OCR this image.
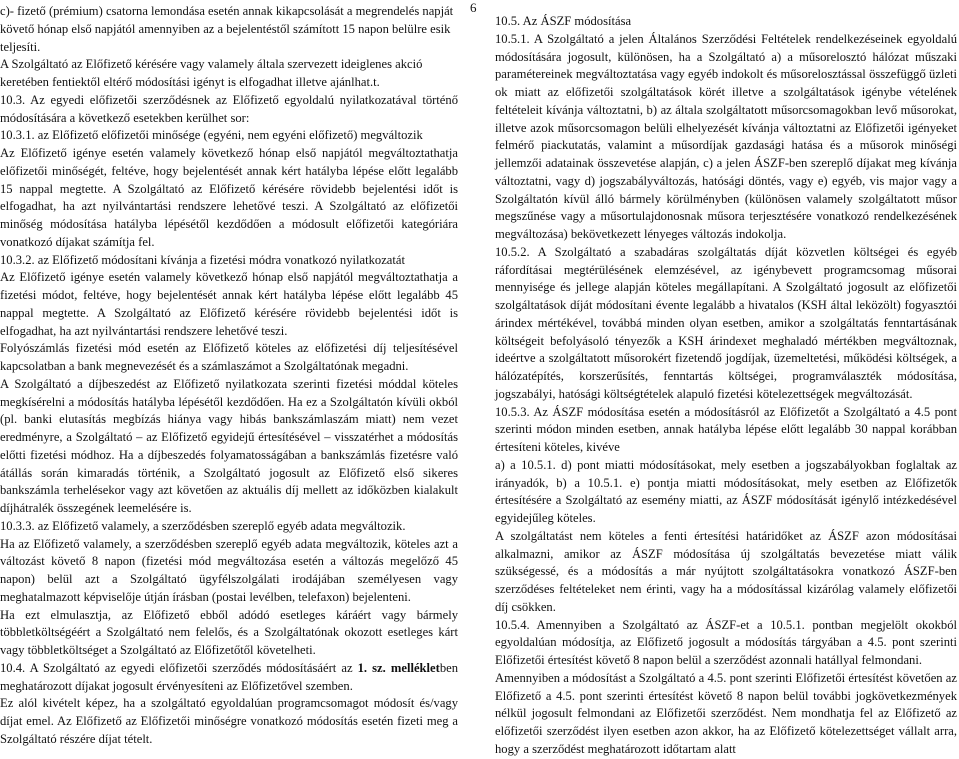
6

c)- fizető (prémium) csatorna lemondása esetén annak kikapcsolását a megrendelés napját követő hónap első napjától amennyiben az a bejelentéstől számított 15 napon belülre esik teljesíti.

A Szolgáltató az Előfizető kérésére vagy valamely általa szervezett ideiglenes akció keretében fentiektől eltérő módosítási igényt is elfogadhat illetve ajánlhat.t.

10.3. Az egyedi előfizetői szerződésnek az Előfizető egyoldalú nyilatkozatával történő módosítására a következő esetekben kerülhet sor:

10.3.1. az Előfizető előfizetői minősége (egyéni, nem egyéni előfizető) megváltozik

Az Előfizető igénye esetén valamely következő hónap első napjától megváltoztathatja előfizetői minőségét, feltéve, hogy bejelentését annak kért hatályba lépése előtt legalább 15 nappal megtette. A Szolgáltató az Előfizető kérésére rövidebb bejelentési időt is elfogadhat, ha azt nyilvántartási rendszere lehetővé teszi. A Szolgáltató az előfizetői minőség módosítása hatályba lépésétől kezdődően a módosult előfizetői kategóriára vonatkozó díjakat számítja fel.

10.3.2. az Előfizető módosítani kívánja a fizetési módra vonatkozó nyilatkozatát

Az Előfizető igénye esetén valamely következő hónap első napjától megváltoztathatja a fizetési módot, feltéve, hogy bejelentését annak kért hatályba lépése előtt legalább 45 nappal megtette. A Szolgáltató az Előfizető kérésére rövidebb bejelentési időt is elfogadhat, ha azt nyilvántartási rendszere lehetővé teszi.

Folyószámlás fizetési mód esetén az Előfizető köteles az előfizetési díj teljesítésével kapcsolatban a bank megnevezését és a számlaszámot a Szolgáltatónak megadni.

A Szolgáltató a díjbeszedést az Előfizető nyilatkozata szerinti fizetési móddal köteles megkísérelni a módosítás hatályba lépésétől kezdődően. Ha ez a Szolgáltatón kívüli okból (pl. banki elutasítás megbízás hiánya vagy hibás bankszámlaszám miatt) nem vezet eredményre, a Szolgáltató – az Előfizető egyidejű értesítésével – visszatérhet a módosítás előtti fizetési módhoz. Ha a díjbeszedés folyamatosságában a bankszámlás fizetésre való átállás során kimaradás történik, a Szolgáltató jogosult az Előfizető első sikeres bankszámla terhelésekor vagy azt követően az aktuális díj mellett az időközben kialakult díjhátralék összegének leemelésére is.

10.3.3. az Előfizető valamely, a szerződésben szereplő egyéb adata megváltozik.

Ha az Előfizető valamely, a szerződésben szereplő egyéb adata megváltozik, köteles azt a változást követő 8 napon (fizetési mód megváltozása esetén a változás megelőző 45 napon) belül azt a Szolgáltató ügyfélszolgálati irodájában személyesen vagy meghatalmazott képviselője útján írásban (postai levélben, telefaxon) bejelenteni.

Ha ezt elmulasztja, az Előfizető ebből adódó esetleges káráért vagy bármely többletköltségéért a Szolgáltató nem felelős, és a Szolgáltatónak okozott esetleges kárt vagy többletköltséget a Szolgáltató az Előfizetőtől követelheti.

10.4. A Szolgáltató az egyedi előfizetői szerződés módosításáért az 1. sz. mellékletben meghatározott díjakat jogosult érvényesíteni az Előfizetővel szemben.

Ez alól kivételt képez, ha a szolgáltató egyoldalúan programcsomagot módosít és/vagy díjat emel. Az Előfizető az Előfizetői minőségre vonatkozó módosítás esetén fizeti meg a Szolgáltató részére díjat tételt.

10.5. Az ÁSZF módosítása

10.5.1. A Szolgáltató a jelen Általános Szerződési Feltételek rendelkezéseinek egyoldalú módosítására jogosult, különösen, ha a Szolgáltató a) a műsorelosztó hálózat műszaki paramétereinek megváltoztatása vagy egyéb indokolt és műsorelosztással összefüggő üzleti ok miatt az előfizetői szolgáltatások körét illetve a szolgáltatások igénybe vételének feltételeit kívánja változtatni, b) az általa szolgáltatott műsorcsomagokban levő műsorokat, illetve azok műsorcsomagon belüli elhelyezését kívánja változtatni az Előfizetői igényeket felmérő piackutatás, valamint a műsordíjak gazdasági hatása és a műsorok minőségi jellemzői adatainak összevetése alapján, c) a jelen ÁSZF-ben szereplő díjakat meg kívánja változtatni, vagy d) jogszabályváltozás, hatósági döntés, vagy e) egyéb, vis major vagy a Szolgáltatón kívül álló bármely körülményben (különösen valamely szolgáltatott műsor megszűnése vagy a műsortulajdonosnak műsora terjesztésére vonatkozó rendelkezésének megváltozása) bekövetkezett lényeges változás indokolja.

10.5.2. A Szolgáltató a szabadáras szolgáltatás díját közvetlen költségei és egyéb ráfordításai megtérülésének elemzésével, az igénybevett programcsomag műsorai mennyisége és jellege alapján köteles megállapítani. A Szolgáltató jogosult az előfizetői szolgáltatások díját módosítani évente legalább a hivatalos (KSH által leközölt) fogyasztói árindex mértékével, továbbá minden olyan esetben, amikor a szolgáltatás fenntartásának költségeit befolyásoló tényezők a KSH árindexet meghaladó mértékben megváltoznak, ideértve a szolgáltatott műsorokért fizetendő jogdíjak, üzemeltetési, működési költségek, a hálózatépítés, korszerűsítés, fenntartás költségei, programválaszték módosítása, jogszabályi, hatósági költségtételek alapuló fizetési kötelezettségek megváltozását.

10.5.3. Az ÁSZF módosítása esetén a módosításról az Előfizetőt a Szolgáltató a 4.5 pont szerinti módon minden esetben, annak hatályba lépése előtt legalább 30 nappal korábban értesíteni köteles, kivéve

a) a 10.5.1. d) pont miatti módosításokat, mely esetben a jogszabályokban foglaltak az irányadók, b) a 10.5.1. e) pontja miatti módosításokat, mely esetben az Előfizetők értesítésére a Szolgáltató az esemény miatti, az ÁSZF módosítását igénylő intézkedésével egyidejűleg köteles.

A szolgáltatást nem köteles a fenti értesítési határidőket az ÁSZF azon módosításai alkalmazni, amikor az ÁSZF módosítása új szolgáltatás bevezetése miatt válik szükségessé, és a módosítás a már nyújtott szolgáltatásokra vonatkozó ÁSZF-ben szerződéses feltételeket nem érinti, vagy ha a módosítással kizárólag valamely előfizetői díj csökken.

10.5.4. Amennyiben a Szolgáltató az ÁSZF-et a 10.5.1. pontban megjelölt okokból egyoldalúan módosítja, az Előfizető jogosult a módosítás tárgyában a 4.5. pont szerinti Előfizetői értesítést követő 8 napon belül a szerződést azonnali hatállyal felmondani.

Amennyiben a módosítást a Szolgáltató a 4.5. pont szerinti Előfizetői értesítést követően az Előfizető a 4.5. pont szerinti értesítést követő 8 napon belül további jogkövetkezmények nélkül jogosult felmondani az Előfizetői szerződést. Nem mondhatja fel az Előfizető az előfizetői szerződést ilyen esetben azon akkor, ha az Előfizető kötelezettséget vállalt arra, hogy a szerződést meghatározott időtartam alatt
